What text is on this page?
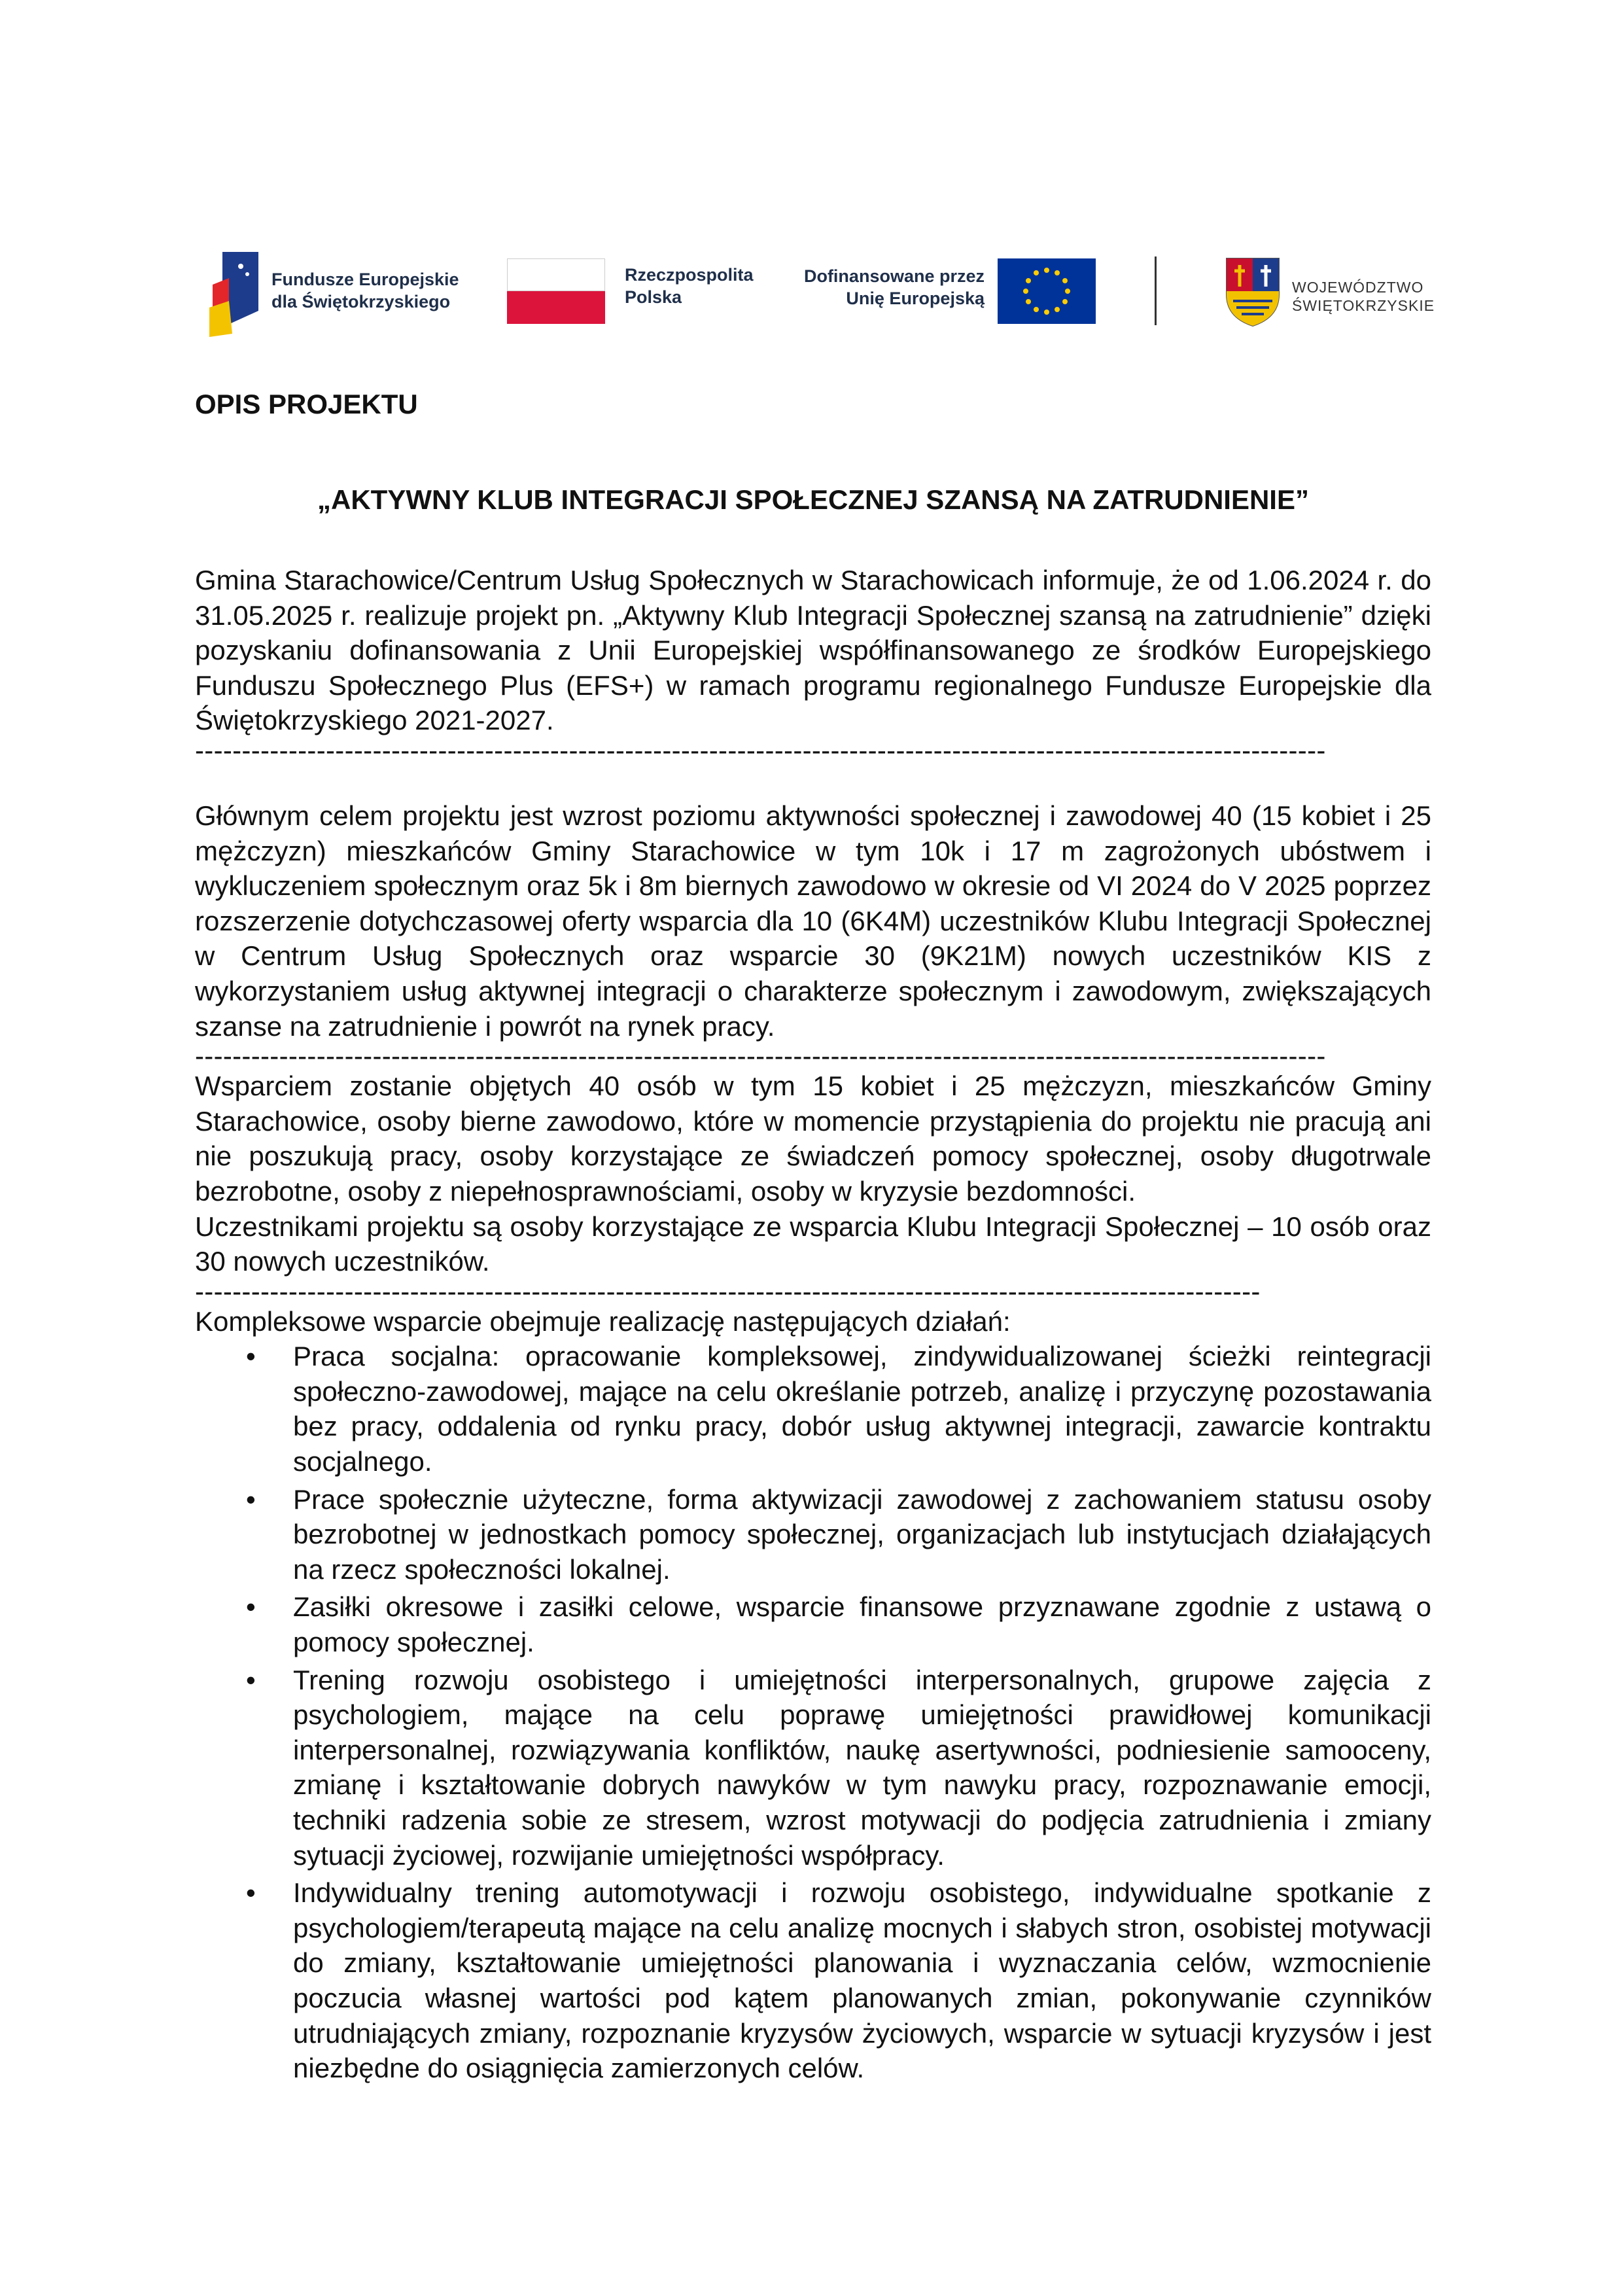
Fundusze Europejskie
dla Świętokrzyskiego
Rzeczpospolita
Polska
Dofinansowane przez
Unię Europejską
WOJEWÓDZTWO
ŚWIĘTOKRZYSKIE
OPIS PROJEKTU
„AKTYWNY KLUB INTEGRACJI SPOŁECZNEJ SZANSĄ NA ZATRUDNIENIE”

Gmina Starachowice/Centrum Usług Społecznych w Starachowicach informuje, że od 1.06.2024 r. do 31.05.2025 r. realizuje projekt pn. „Aktywny Klub Integracji Społecznej szansą na zatrudnienie” dzięki pozyskaniu dofinansowania z Unii Europejskiej współfinansowanego ze środków Europejskiego Funduszu Społecznego Plus (EFS+) w ramach programu regionalnego Fundusze Europejskie dla Świętokrzyskiego 2021-2027.

-------------------------------------------------------------------------------------------------------------------------

Głównym celem projektu jest wzrost poziomu aktywności społecznej i zawodowej 40 (15 kobiet i 25 mężczyzn) mieszkańców Gminy Starachowice w tym 10k i 17 m zagrożonych ubóstwem i wykluczeniem społecznym oraz 5k i 8m biernych zawodowo w okresie od VI 2024 do V 2025 poprzez rozszerzenie dotychczasowej oferty wsparcia dla 10 (6K4M) uczestników Klubu Integracji Społecznej w Centrum Usług Społecznych oraz wsparcie 30 (9K21M) nowych uczestników KIS z wykorzystaniem usług aktywnej integracji o charakterze społecznym i zawodowym, zwiększających szanse na zatrudnienie i powrót na rynek pracy.

-------------------------------------------------------------------------------------------------------------------------

Wsparciem zostanie objętych 40 osób w tym 15 kobiet i 25 mężczyzn, mieszkańców Gminy Starachowice, osoby bierne zawodowo, które w momencie przystąpienia do projektu nie pracują ani nie poszukują pracy, osoby korzystające ze świadczeń pomocy społecznej, osoby długotrwale bezrobotne, osoby z niepełnosprawnościami, osoby w kryzysie bezdomności.

Uczestnikami projektu są osoby korzystające ze wsparcia Klubu Integracji Społecznej – 10 osób oraz 30 nowych uczestników.

------------------------------------------------------------------------------------------------------------------

Kompleksowe wsparcie obejmuje realizację następujących działań:

• Praca socjalna: opracowanie kompleksowej, zindywidualizowanej ścieżki reintegracji społeczno-zawodowej, mające na celu określanie potrzeb, analizę i przyczynę pozostawania bez pracy, oddalenia od rynku pracy, dobór usług aktywnej integracji, zawarcie kontraktu socjalnego.
• Prace społecznie użyteczne, forma aktywizacji zawodowej z zachowaniem statusu osoby bezrobotnej w jednostkach pomocy społecznej, organizacjach lub instytucjach działających na rzecz społeczności lokalnej.
• Zasiłki okresowe i zasiłki celowe, wsparcie finansowe przyznawane zgodnie z ustawą o pomocy społecznej.
• Trening rozwoju osobistego i umiejętności interpersonalnych, grupowe zajęcia z psychologiem, mające na celu poprawę umiejętności prawidłowej komunikacji interpersonalnej, rozwiązywania konfliktów, naukę asertywności, podniesienie samooceny, zmianę i kształtowanie dobrych nawyków w tym nawyku pracy, rozpoznawanie emocji, techniki radzenia sobie ze stresem, wzrost motywacji do podjęcia zatrudnienia i zmiany sytuacji życiowej, rozwijanie umiejętności współpracy.
• Indywidualny trening automotywacji i rozwoju osobistego, indywidualne spotkanie z psychologiem/terapeutą mające na celu analizę mocnych i słabych stron, osobistej motywacji do zmiany, kształtowanie umiejętności planowania i wyznaczania celów, wzmocnienie poczucia własnej wartości pod kątem planowanych zmian, pokonywanie czynników utrudniających zmiany, rozpoznanie kryzysów życiowych, wsparcie w sytuacji kryzysów i jest niezbędne do osiągnięcia zamierzonych celów.
